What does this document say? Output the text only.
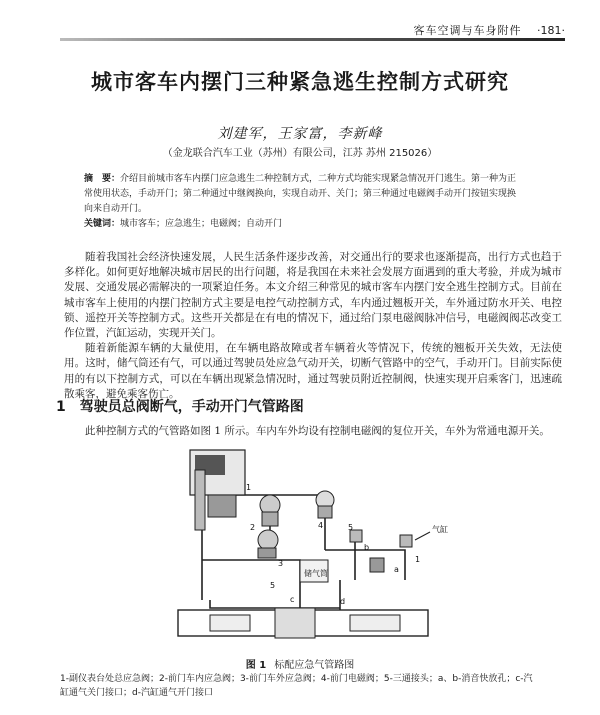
客车空调与车身附件 ·181·
城市客车内摆门三种紧急逃生控制方式研究
刘建军，王家富，李新峰
（金龙联合汽车工业（苏州）有限公司，江苏 苏州 215026）
摘　要：介绍目前城市客车内摆门应急逃生二种控制方式，二种方式均能实现紧急情况开门逃生。第一种为正常使用状态，手动开门；第二种通过中继阀换向，实现自动开、关门；第三种通过电磁阀手动开门按钮实现换向来自动开门。
关键词：城市客车；应急逃生；电磁阀；自动开门

随着我国社会经济快速发展，人民生活条件逐步改善，对交通出行的要求也逐渐提高，出行方式也趋于多样化。如何更好地解决城市居民的出行问题，将是我国在未来社会发展方面遇到的重大考验，并成为城市发展、交通发展必需解决的一项紧迫任务。本文介绍三种常见的城市客车内摆门安全逃生控制方式。目前在城市客车上使用的内摆门控制方式主要是电控气动控制方式，车内通过翘板开关，车外通过防水开关、电控锁、遥控开关等控制方式。这些开关都是在有电的情况下，通过给门泵电磁阀脉冲信号，电磁阀阀芯改变工作位置，汽缸运动，实现开关门。

随着新能源车辆的大量使用，在车辆电路故障或者车辆着火等情况下，传统的翘板开关失效，无法使用。这时，储气筒还有气，可以通过驾驶员处应急气动开关，切断气管路中的空气，手动开门。目前实际使用的有以下控制方式，可以在车辆出现紧急情况时，通过驾驶员附近控制阀，快速实现开启乘客门，迅速疏散乘客，避免乘客伤亡。

1 驾驶员总阀断气，手动开门气管路图
此种控制方式的气管路如图 1 所示。车内车外均设有控制电磁阀的复位开关，车外为常通电源开关。
1
2
3
4	5
5
1
a
b
c	d
气缸
储气筒
图 1 标配应急气管路图
1-副仪表台处总应急阀；2-前门车内应急阀；3-前门车外应急阀；4-前门电磁阀；5-三通接头；a、b-消音快放孔；c-汽缸通气关门接口；d-汽缸通气开门接口
